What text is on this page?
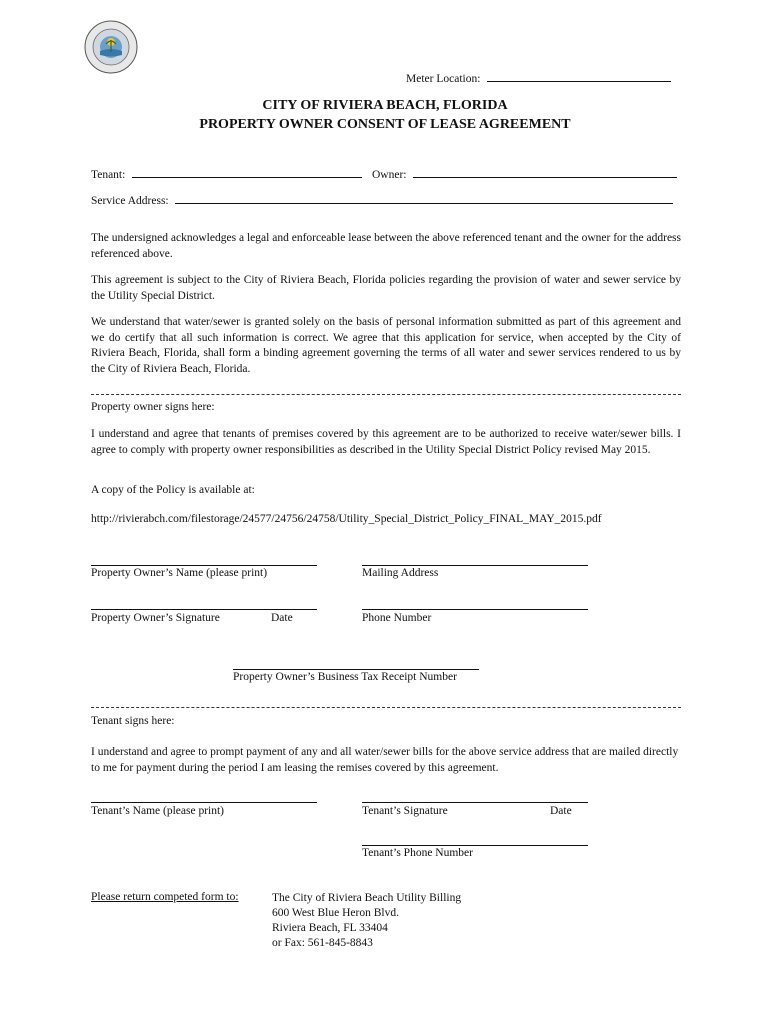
Meter Location:
CITY OF RIVIERA BEACH, FLORIDA
PROPERTY OWNER CONSENT OF LEASE AGREEMENT
Tenant:	Owner:
Service Address:
The undersigned acknowledges a legal and enforceable lease between the above referenced tenant and the owner for the address referenced above.
This agreement is subject to the City of Riviera Beach, Florida policies regarding the provision of water and sewer service by the Utility Special District.
We understand that water/sewer is granted solely on the basis of personal information submitted as part of this agreement and we do certify that all such information is correct. We agree that this application for service, when accepted by the City of Riviera Beach, Florida, shall form a binding agreement governing the terms of all water and sewer services rendered to us by the City of Riviera Beach, Florida.
Property owner signs here:
I understand and agree that tenants of premises covered by this agreement are to be authorized to receive water/sewer bills. I agree to comply with property owner responsibilities as described in the Utility Special District Policy revised May 2015.
A copy of the Policy is available at:
http://rivierabch.com/filestorage/24577/24756/24758/Utility_Special_District_Policy_FINAL_MAY_2015.pdf
Property Owner’s Name (please print)	Mailing Address
Property Owner’s Signature	Date	Phone Number
Property Owner’s Business Tax Receipt Number
Tenant signs here:
I understand and agree to prompt payment of any and all water/sewer bills for the above service address that are mailed directly to me for payment during the period I am leasing the remises covered by this agreement.
Tenant’s Name (please print)	Tenant’s Signature	Date
Tenant’s Phone Number
Please return competed form to:	The City of Riviera Beach Utility Billing
600 West Blue Heron Blvd.
Riviera Beach, FL 33404
or Fax: 561-845-8843
